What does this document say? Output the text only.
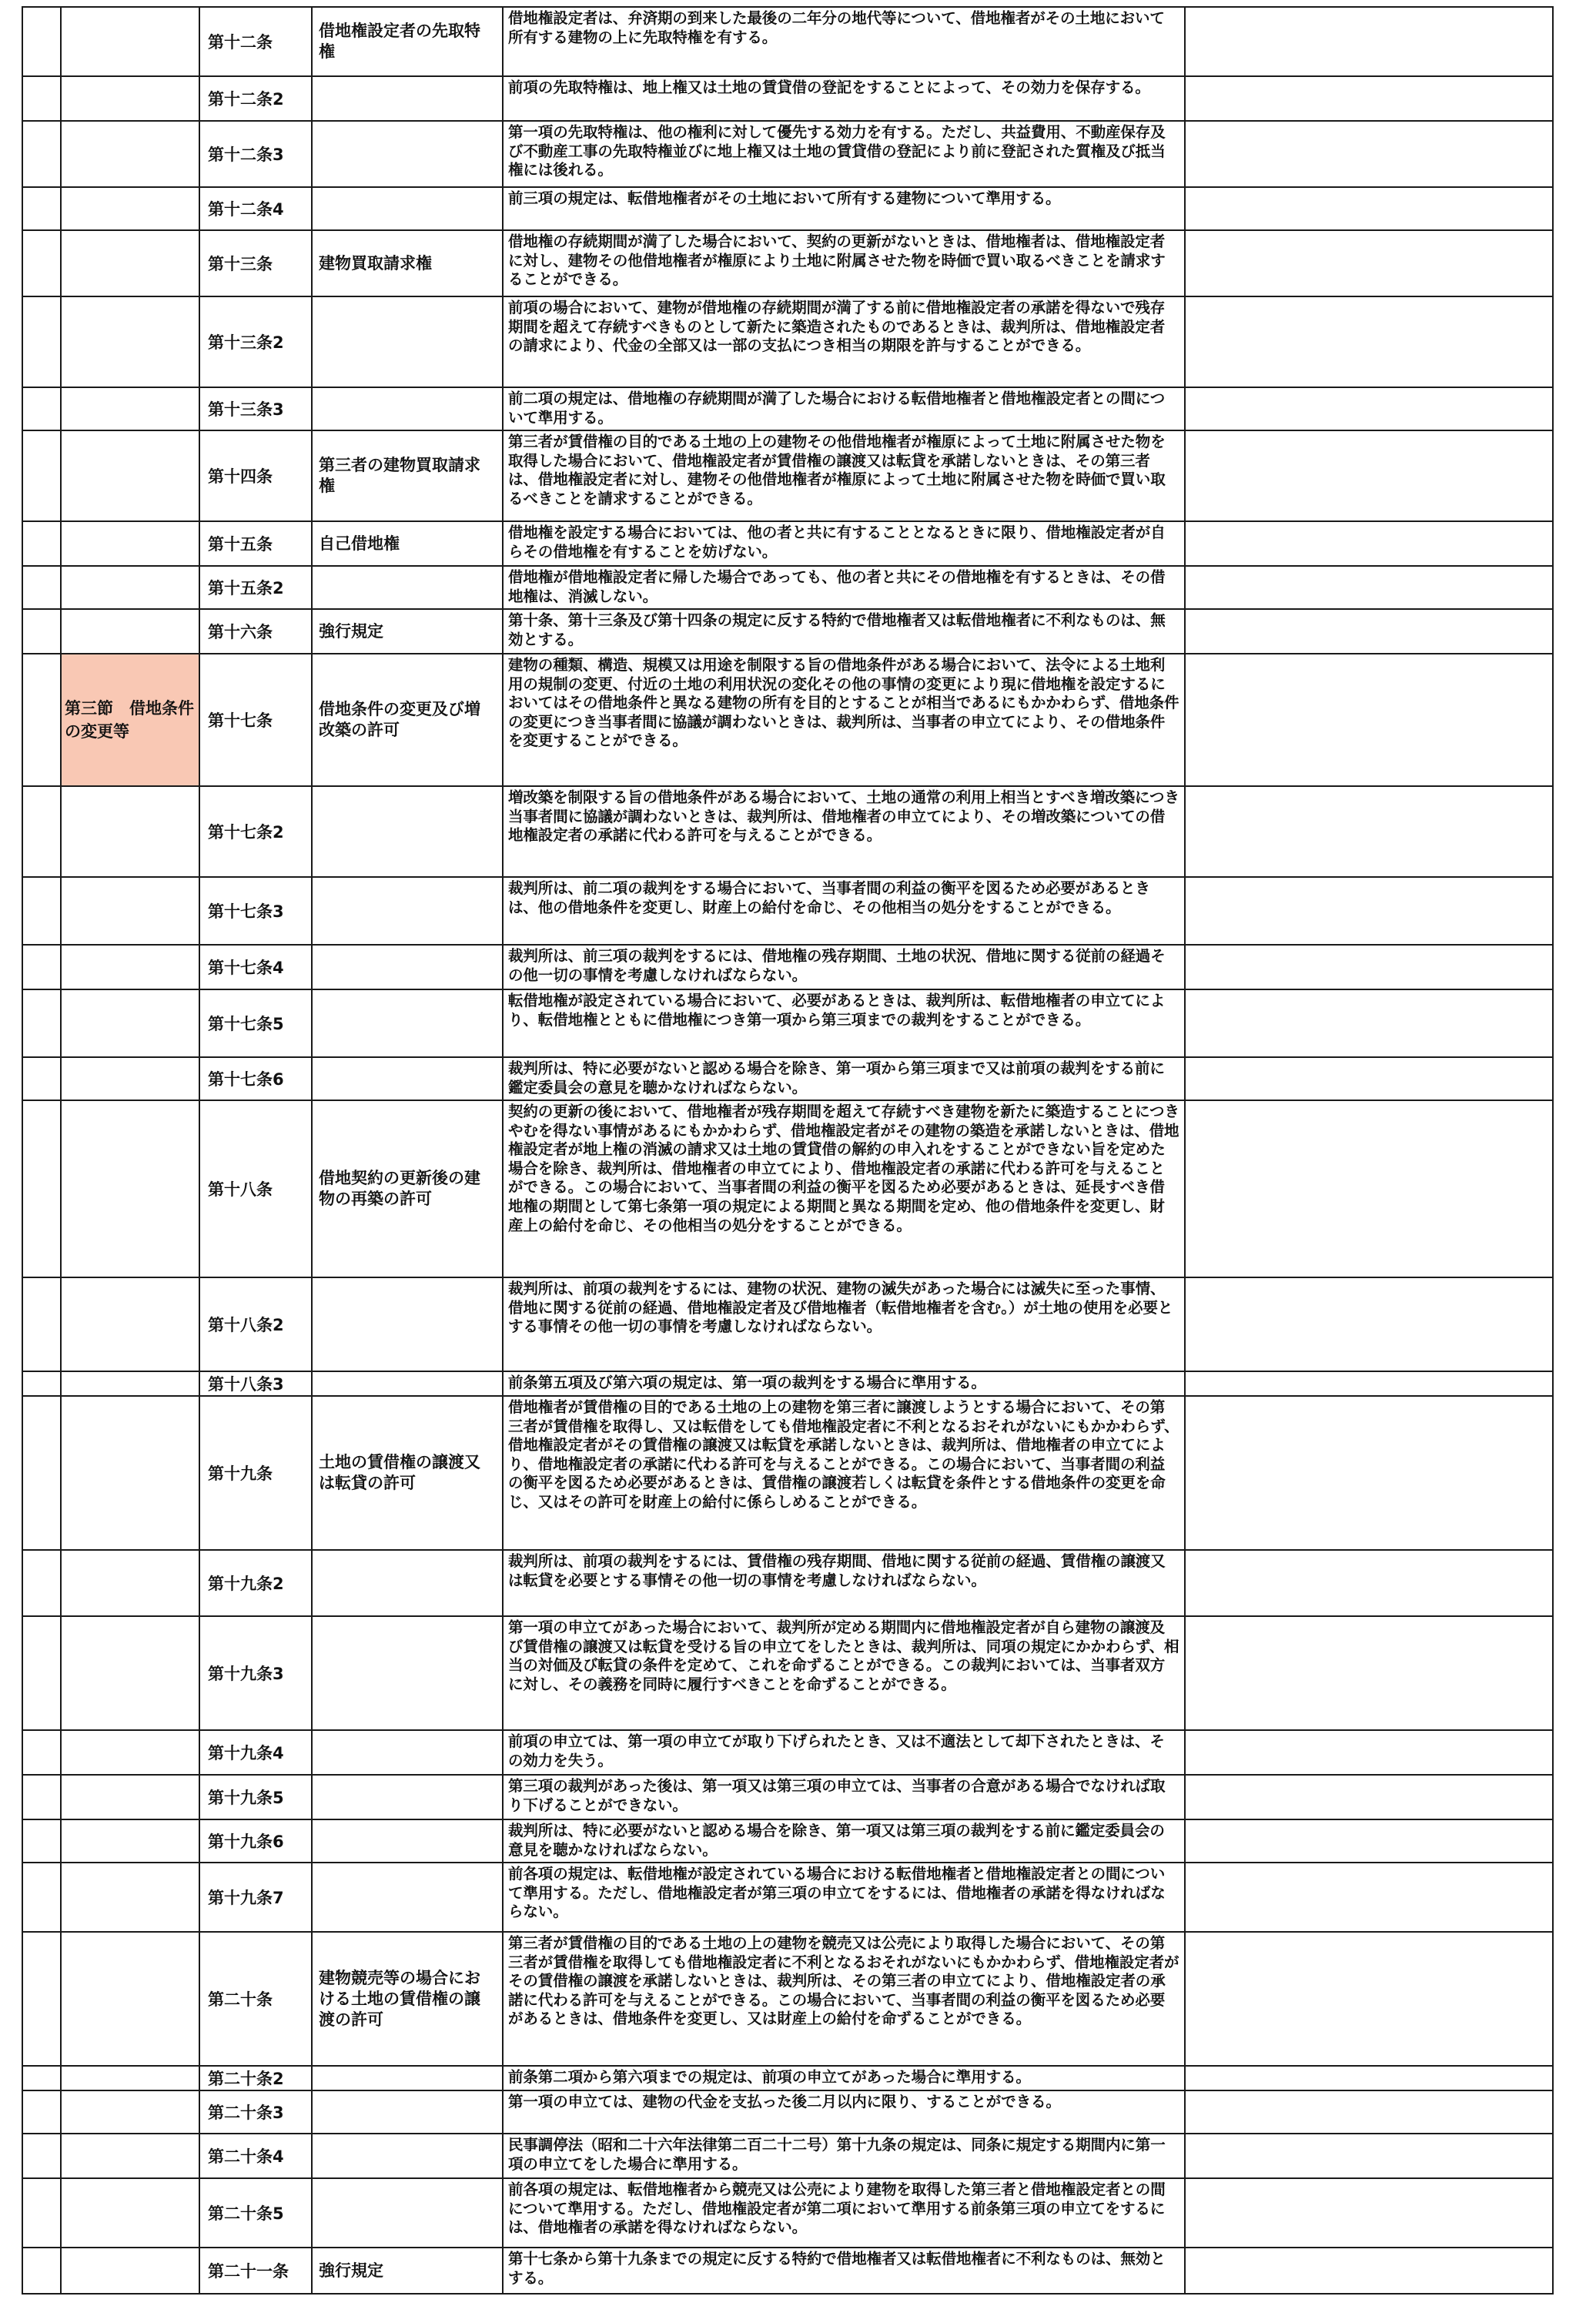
		第十二条	借地権設定者の先取特権	借地権設定者は、弁済期の到来した最後の二年分の地代等について、借地権者がその土地において所有する建物の上に先取特権を有する。	
		第十二条2		前項の先取特権は、地上権又は土地の賃貸借の登記をすることによって、その効力を保存する。	
		第十二条3		第一項の先取特権は、他の権利に対して優先する効力を有する。ただし、共益費用、不動産保存及び不動産工事の先取特権並びに地上権又は土地の賃貸借の登記により前に登記された質権及び抵当権には後れる。	
		第十二条4		前三項の規定は、転借地権者がその土地において所有する建物について準用する。	
		第十三条	建物買取請求権	借地権の存続期間が満了した場合において、契約の更新がないときは、借地権者は、借地権設定者に対し、建物その他借地権者が権原により土地に附属させた物を時価で買い取るべきことを請求することができる。	
		第十三条2		前項の場合において、建物が借地権の存続期間が満了する前に借地権設定者の承諾を得ないで残存期間を超えて存続すべきものとして新たに築造されたものであるときは、裁判所は、借地権設定者の請求により、代金の全部又は一部の支払につき相当の期限を許与することができる。	
		第十三条3		前二項の規定は、借地権の存続期間が満了した場合における転借地権者と借地権設定者との間について準用する。	
		第十四条	第三者の建物買取請求権	第三者が賃借権の目的である土地の上の建物その他借地権者が権原によって土地に附属させた物を取得した場合において、借地権設定者が賃借権の譲渡又は転貸を承諾しないときは、その第三者は、借地権設定者に対し、建物その他借地権者が権原によって土地に附属させた物を時価で買い取るべきことを請求することができる。	
		第十五条	自己借地権	借地権を設定する場合においては、他の者と共に有することとなるときに限り、借地権設定者が自らその借地権を有することを妨げない。	
		第十五条2		借地権が借地権設定者に帰した場合であっても、他の者と共にその借地権を有するときは、その借地権は、消滅しない。	
		第十六条	強行規定	第十条、第十三条及び第十四条の規定に反する特約で借地権者又は転借地権者に不利なものは、無効とする。	
	第三節　借地条件の変更等	第十七条	借地条件の変更及び増改築の許可	建物の種類、構造、規模又は用途を制限する旨の借地条件がある場合において、法令による土地利用の規制の変更、付近の土地の利用状況の変化その他の事情の変更により現に借地権を設定するにおいてはその借地条件と異なる建物の所有を目的とすることが相当であるにもかかわらず、借地条件の変更につき当事者間に協議が調わないときは、裁判所は、当事者の申立てにより、その借地条件を変更することができる。	
		第十七条2		増改築を制限する旨の借地条件がある場合において、土地の通常の利用上相当とすべき増改築につき当事者間に協議が調わないときは、裁判所は、借地権者の申立てにより、その増改築についての借地権設定者の承諾に代わる許可を与えることができる。	
		第十七条3		裁判所は、前二項の裁判をする場合において、当事者間の利益の衡平を図るため必要があるときは、他の借地条件を変更し、財産上の給付を命じ、その他相当の処分をすることができる。	
		第十七条4		裁判所は、前三項の裁判をするには、借地権の残存期間、土地の状況、借地に関する従前の経過その他一切の事情を考慮しなければならない。	
		第十七条5		転借地権が設定されている場合において、必要があるときは、裁判所は、転借地権者の申立てにより、転借地権とともに借地権につき第一項から第三項までの裁判をすることができる。	
		第十七条6		裁判所は、特に必要がないと認める場合を除き、第一項から第三項まで又は前項の裁判をする前に鑑定委員会の意見を聴かなければならない。	
		第十八条	借地契約の更新後の建物の再築の許可	契約の更新の後において、借地権者が残存期間を超えて存続すべき建物を新たに築造することにつきやむを得ない事情があるにもかかわらず、借地権設定者がその建物の築造を承諾しないときは、借地権設定者が地上権の消滅の請求又は土地の賃貸借の解約の申入れをすることができない旨を定めた場合を除き、裁判所は、借地権者の申立てにより、借地権設定者の承諾に代わる許可を与えることができる。この場合において、当事者間の利益の衡平を図るため必要があるときは、延長すべき借地権の期間として第七条第一項の規定による期間と異なる期間を定め、他の借地条件を変更し、財産上の給付を命じ、その他相当の処分をすることができる。	
		第十八条2		裁判所は、前項の裁判をするには、建物の状況、建物の滅失があった場合には滅失に至った事情、借地に関する従前の経過、借地権設定者及び借地権者（転借地権者を含む。）が土地の使用を必要とする事情その他一切の事情を考慮しなければならない。	
		第十八条3		前条第五項及び第六項の規定は、第一項の裁判をする場合に準用する。	
		第十九条	土地の賃借権の譲渡又は転貸の許可	借地権者が賃借権の目的である土地の上の建物を第三者に譲渡しようとする場合において、その第三者が賃借権を取得し、又は転借をしても借地権設定者に不利となるおそれがないにもかかわらず、借地権設定者がその賃借権の譲渡又は転貸を承諾しないときは、裁判所は、借地権者の申立てにより、借地権設定者の承諾に代わる許可を与えることができる。この場合において、当事者間の利益の衡平を図るため必要があるときは、賃借権の譲渡若しくは転貸を条件とする借地条件の変更を命じ、又はその許可を財産上の給付に係らしめることができる。	
		第十九条2		裁判所は、前項の裁判をするには、賃借権の残存期間、借地に関する従前の経過、賃借権の譲渡又は転貸を必要とする事情その他一切の事情を考慮しなければならない。	
		第十九条3		第一項の申立てがあった場合において、裁判所が定める期間内に借地権設定者が自ら建物の譲渡及び賃借権の譲渡又は転貸を受ける旨の申立てをしたときは、裁判所は、同項の規定にかかわらず、相当の対価及び転貸の条件を定めて、これを命ずることができる。この裁判においては、当事者双方に対し、その義務を同時に履行すべきことを命ずることができる。	
		第十九条4		前項の申立ては、第一項の申立てが取り下げられたとき、又は不適法として却下されたときは、その効力を失う。	
		第十九条5		第三項の裁判があった後は、第一項又は第三項の申立ては、当事者の合意がある場合でなければ取り下げることができない。	
		第十九条6		裁判所は、特に必要がないと認める場合を除き、第一項又は第三項の裁判をする前に鑑定委員会の意見を聴かなければならない。	
		第十九条7		前各項の規定は、転借地権が設定されている場合における転借地権者と借地権設定者との間について準用する。ただし、借地権設定者が第三項の申立てをするには、借地権者の承諾を得なければならない。	
		第二十条	建物競売等の場合における土地の賃借権の譲渡の許可	第三者が賃借権の目的である土地の上の建物を競売又は公売により取得した場合において、その第三者が賃借権を取得しても借地権設定者に不利となるおそれがないにもかかわらず、借地権設定者がその賃借権の譲渡を承諾しないときは、裁判所は、その第三者の申立てにより、借地権設定者の承諾に代わる許可を与えることができる。この場合において、当事者間の利益の衡平を図るため必要があるときは、借地条件を変更し、又は財産上の給付を命ずることができる。	
		第二十条2		前条第二項から第六項までの規定は、前項の申立てがあった場合に準用する。	
		第二十条3		第一項の申立ては、建物の代金を支払った後二月以内に限り、することができる。	
		第二十条4		民事調停法（昭和二十六年法律第二百二十二号）第十九条の規定は、同条に規定する期間内に第一項の申立てをした場合に準用する。	
		第二十条5		前各項の規定は、転借地権者から競売又は公売により建物を取得した第三者と借地権設定者との間について準用する。ただし、借地権設定者が第二項において準用する前条第三項の申立てをするには、借地権者の承諾を得なければならない。	
		第二十一条	強行規定	第十七条から第十九条までの規定に反する特約で借地権者又は転借地権者に不利なものは、無効とする。	
